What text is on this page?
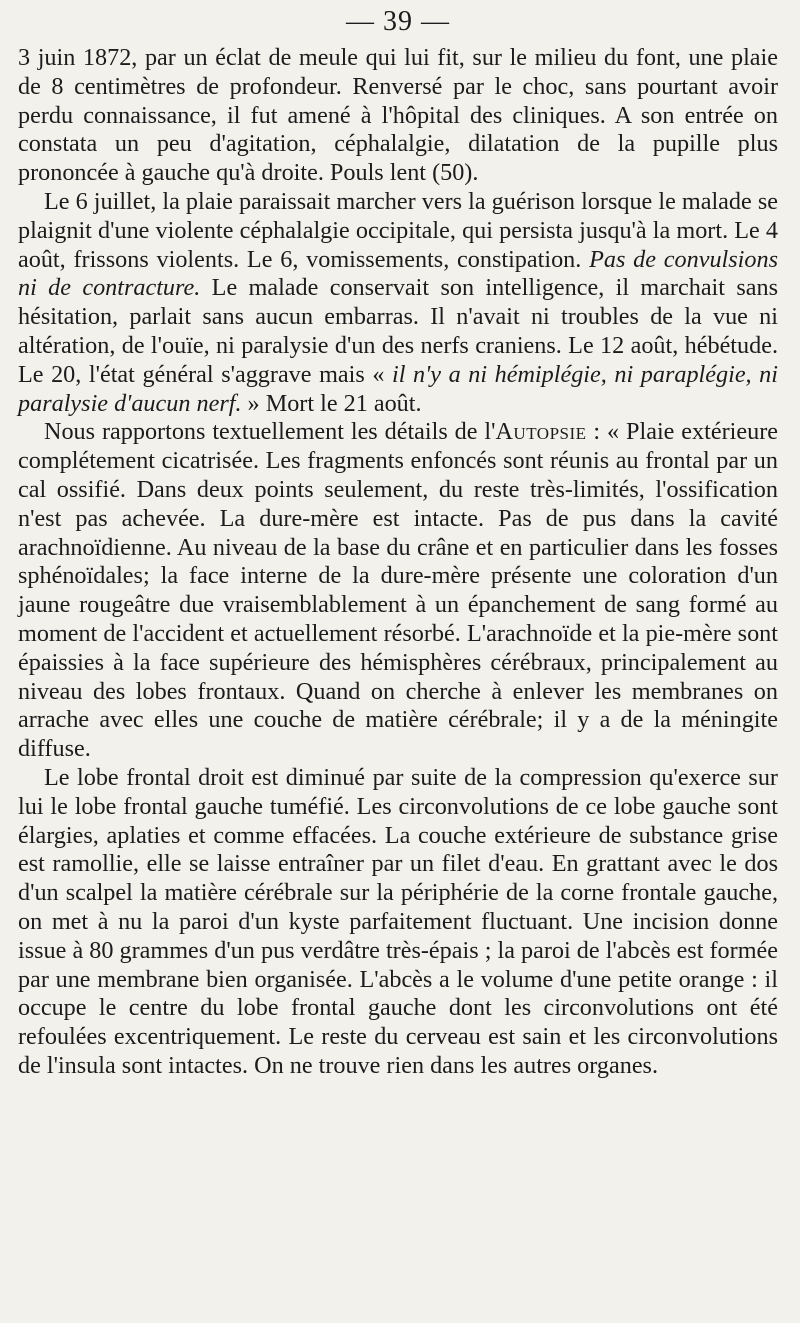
— 39 —

3 juin 1872, par un éclat de meule qui lui fit, sur le milieu du font, une plaie de 8 centimètres de profondeur. Renversé par le choc, sans pourtant avoir perdu connaissance, il fut amené à l'hôpital des cliniques. A son entrée on constata un peu d'agitation, céphalalgie, dilatation de la pupille plus prononcée à gauche qu'à droite. Pouls lent (50).

Le 6 juillet, la plaie paraissait marcher vers la guérison lorsque le malade se plaignit d'une violente céphalalgie occipitale, qui persista jusqu'à la mort. Le 4 août, frissons violents. Le 6, vomissements, constipation. Pas de convulsions ni de contracture. Le malade conservait son intelligence, il marchait sans hésitation, parlait sans aucun embarras. Il n'avait ni troubles de la vue ni altération, de l'ouïe, ni paralysie d'un des nerfs craniens. Le 12 août, hébétude. Le 20, l'état général s'aggrave mais « il n'y a ni hémiplégie, ni paraplégie, ni paralysie d'aucun nerf. » Mort le 21 août.

Nous rapportons textuellement les détails de l'Autopsie : « Plaie extérieure complétement cicatrisée. Les fragments enfoncés sont réunis au frontal par un cal ossifié. Dans deux points seulement, du reste très-limités, l'ossification n'est pas achevée. La dure-mère est intacte. Pas de pus dans la cavité arachnoïdienne. Au niveau de la base du crâne et en particulier dans les fosses sphénoïdales; la face interne de la dure-mère présente une coloration d'un jaune rougeâtre due vraisemblablement à un épanchement de sang formé au moment de l'accident et actuellement résorbé. L'arachnoïde et la pie-mère sont épaissies à la face supérieure des hémisphères cérébraux, principalement au niveau des lobes frontaux. Quand on cherche à enlever les membranes on arrache avec elles une couche de matière cérébrale; il y a de la méningite diffuse.

Le lobe frontal droit est diminué par suite de la compression qu'exerce sur lui le lobe frontal gauche tuméfié. Les circonvolutions de ce lobe gauche sont élargies, aplaties et comme effacées. La couche extérieure de substance grise est ramollie, elle se laisse entraîner par un filet d'eau. En grattant avec le dos d'un scalpel la matière cérébrale sur la périphérie de la corne frontale gauche, on met à nu la paroi d'un kyste parfaitement fluctuant. Une incision donne issue à 80 grammes d'un pus verdâtre très-épais ; la paroi de l'abcès est formée par une membrane bien organisée. L'abcès a le volume d'une petite orange : il occupe le centre du lobe frontal gauche dont les circonvolutions ont été refoulées excentriquement. Le reste du cerveau est sain et les circonvolutions de l'insula sont intactes. On ne trouve rien dans les autres organes.
